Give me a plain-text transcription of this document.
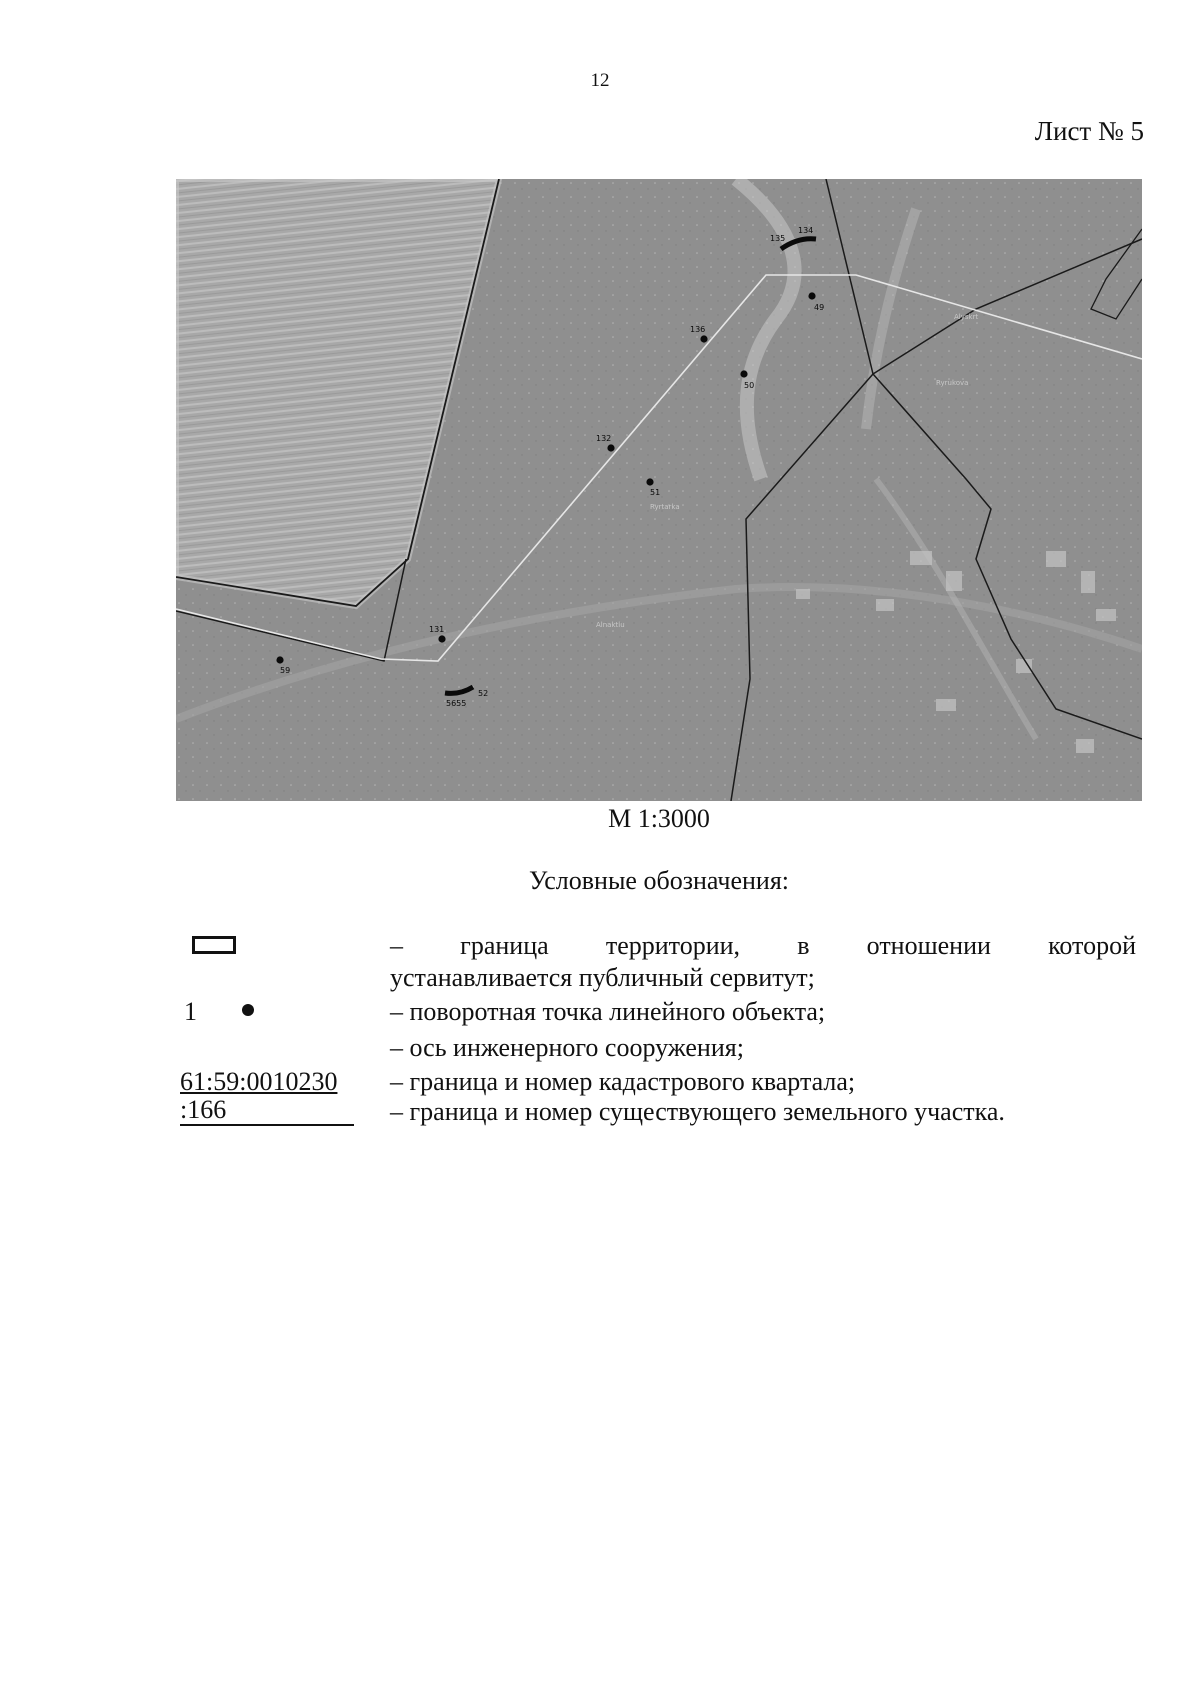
12
Лист № 5
135
134
49
136
50
132
51
131
59
5655
52
Ryrtarka
Alnaktlu
Alyskrt
Ryrukova
М 1:3000
Условные обозначения:
– граница территории, в отношении которой
устанавливается публичный сервитут;
1	– поворотная точка линейного объекта;
– ось инженерного сооружения;
61:59:0010230 – граница и номер кадастрового квартала;
:166	– граница и номер существующего земельного участка.
